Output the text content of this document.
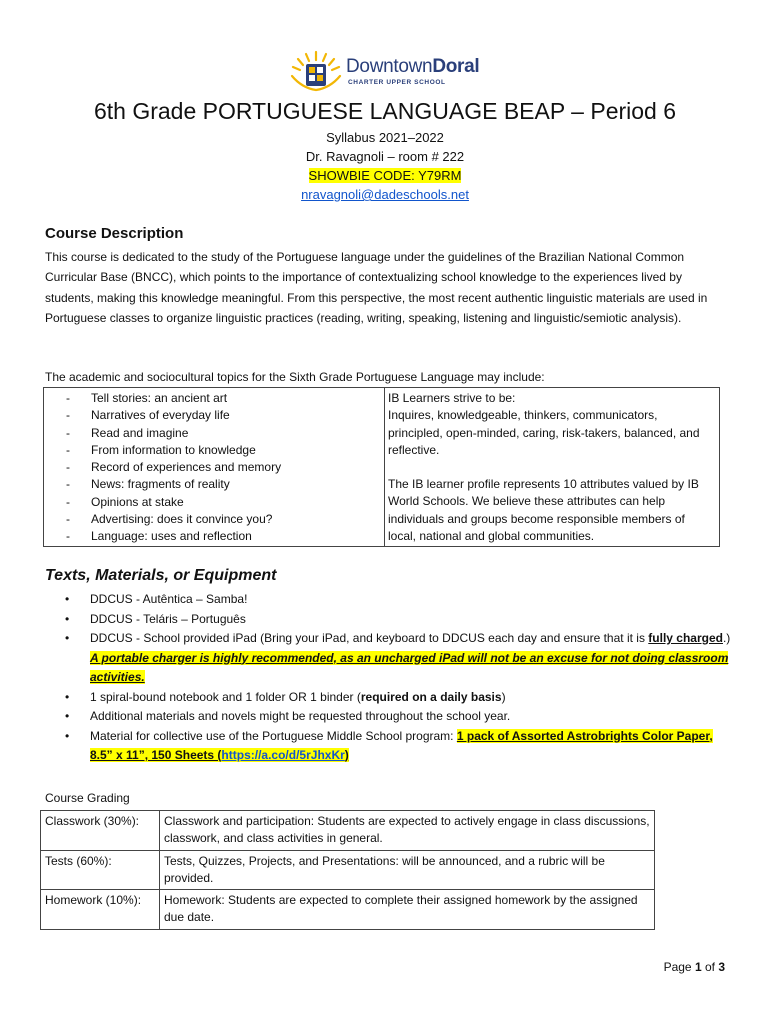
DowntownDoral
CHARTER UPPER SCHOOL
6th Grade PORTUGUESE LANGUAGE BEAP – Period 6
Syllabus 2021–2022
Dr. Ravagnoli – room # 222
SHOWBIE CODE: Y79RM
nravagnoli@dadeschools.net
Course Description

This course is dedicated to the study of the Portuguese language under the guidelines of the Brazilian National Common Curricular Base (BNCC), which points to the importance of contextualizing school knowledge to the experiences lived by students, making this knowledge meaningful. From this perspective, the most recent authentic linguistic materials are used in Portuguese classes to organize linguistic practices (reading, writing, speaking, listening and linguistic/semiotic analysis).

The academic and sociocultural topics for the Sixth Grade Portuguese Language may include:

- Tell stories: an ancient art
- Narratives of everyday life
- Read and imagine
- From information to knowledge
- Record of experiences and memory
- News: fragments of reality
- Opinions at stake
- Advertising: does it convince you?
- Language: uses and reflection

IB Learners strive to be:
Inquires, knowledgeable, thinkers, communicators, principled, open-minded, caring, risk-takers, balanced, and reflective.
The IB learner profile represents 10 attributes valued by IB World Schools. We believe these attributes can help individuals and groups become responsible members of local, national and global communities.
Texts, Materials, or Equipment
• DDCUS - Autêntica – Samba!
• DDCUS - Teláris – Português
• DDCUS - School provided iPad (Bring your iPad, and keyboard to DDCUS each day and ensure that it is fully charged.) A portable charger is highly recommended, as an uncharged iPad will not be an excuse for not doing classroom activities.
• 1 spiral-bound notebook and 1 folder OR 1 binder (required on a daily basis)
• Additional materials and novels might be requested throughout the school year.
• Material for collective use of the Portuguese Middle School program: 1 pack of Assorted Astrobrights Color Paper, 8.5” x 11”, 150 Sheets (https://a.co/d/5rJhxKr)
Course Grading
Classwork (30%):	Classwork and participation: Students are expected to actively engage in class discussions, classwork, and class activities in general.
Tests (60%):	Tests, Quizzes, Projects, and Presentations: will be announced, and a rubric will be provided.
Homework (10%):	Homework: Students are expected to complete their assigned homework by the assigned due date.
Page 1 of 3
